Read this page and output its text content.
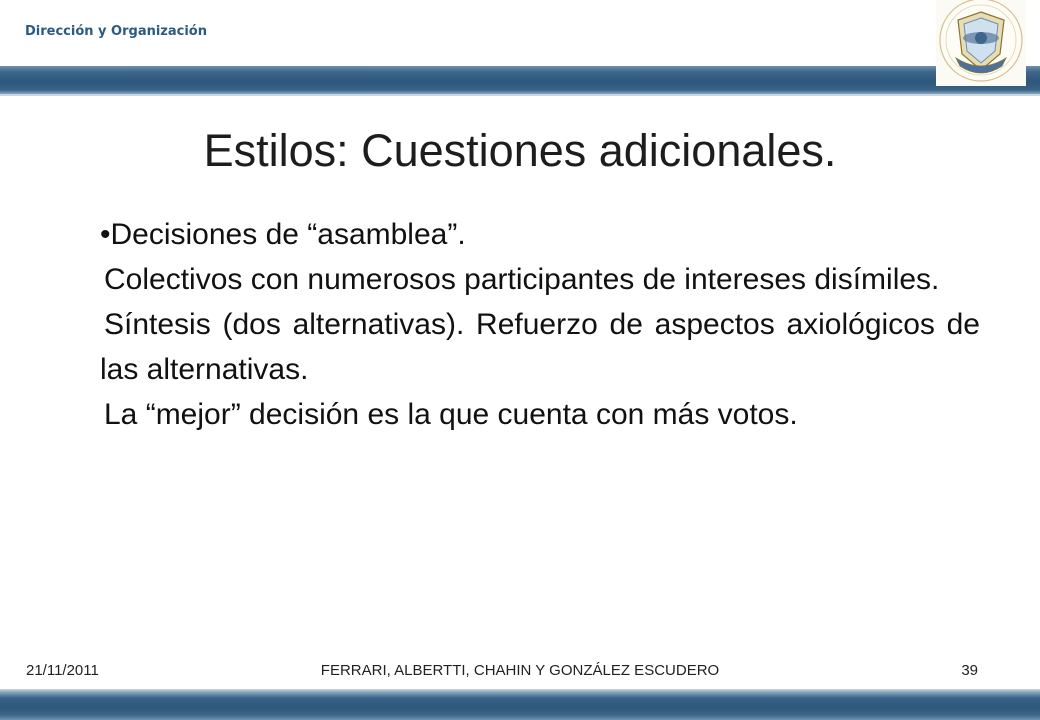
Dirección y Organización
Estilos: Cuestiones adicionales.

•Decisiones de “asamblea”.

Colectivos con numerosos participantes de intereses disímiles.

Síntesis (dos alternativas). Refuerzo de aspectos axiológicos de las alternativas.

La “mejor” decisión es la que cuenta con más votos.

21/11/2011	FERRARI, ALBERTTI, CHAHIN Y GONZÁLEZ ESCUDERO	39
